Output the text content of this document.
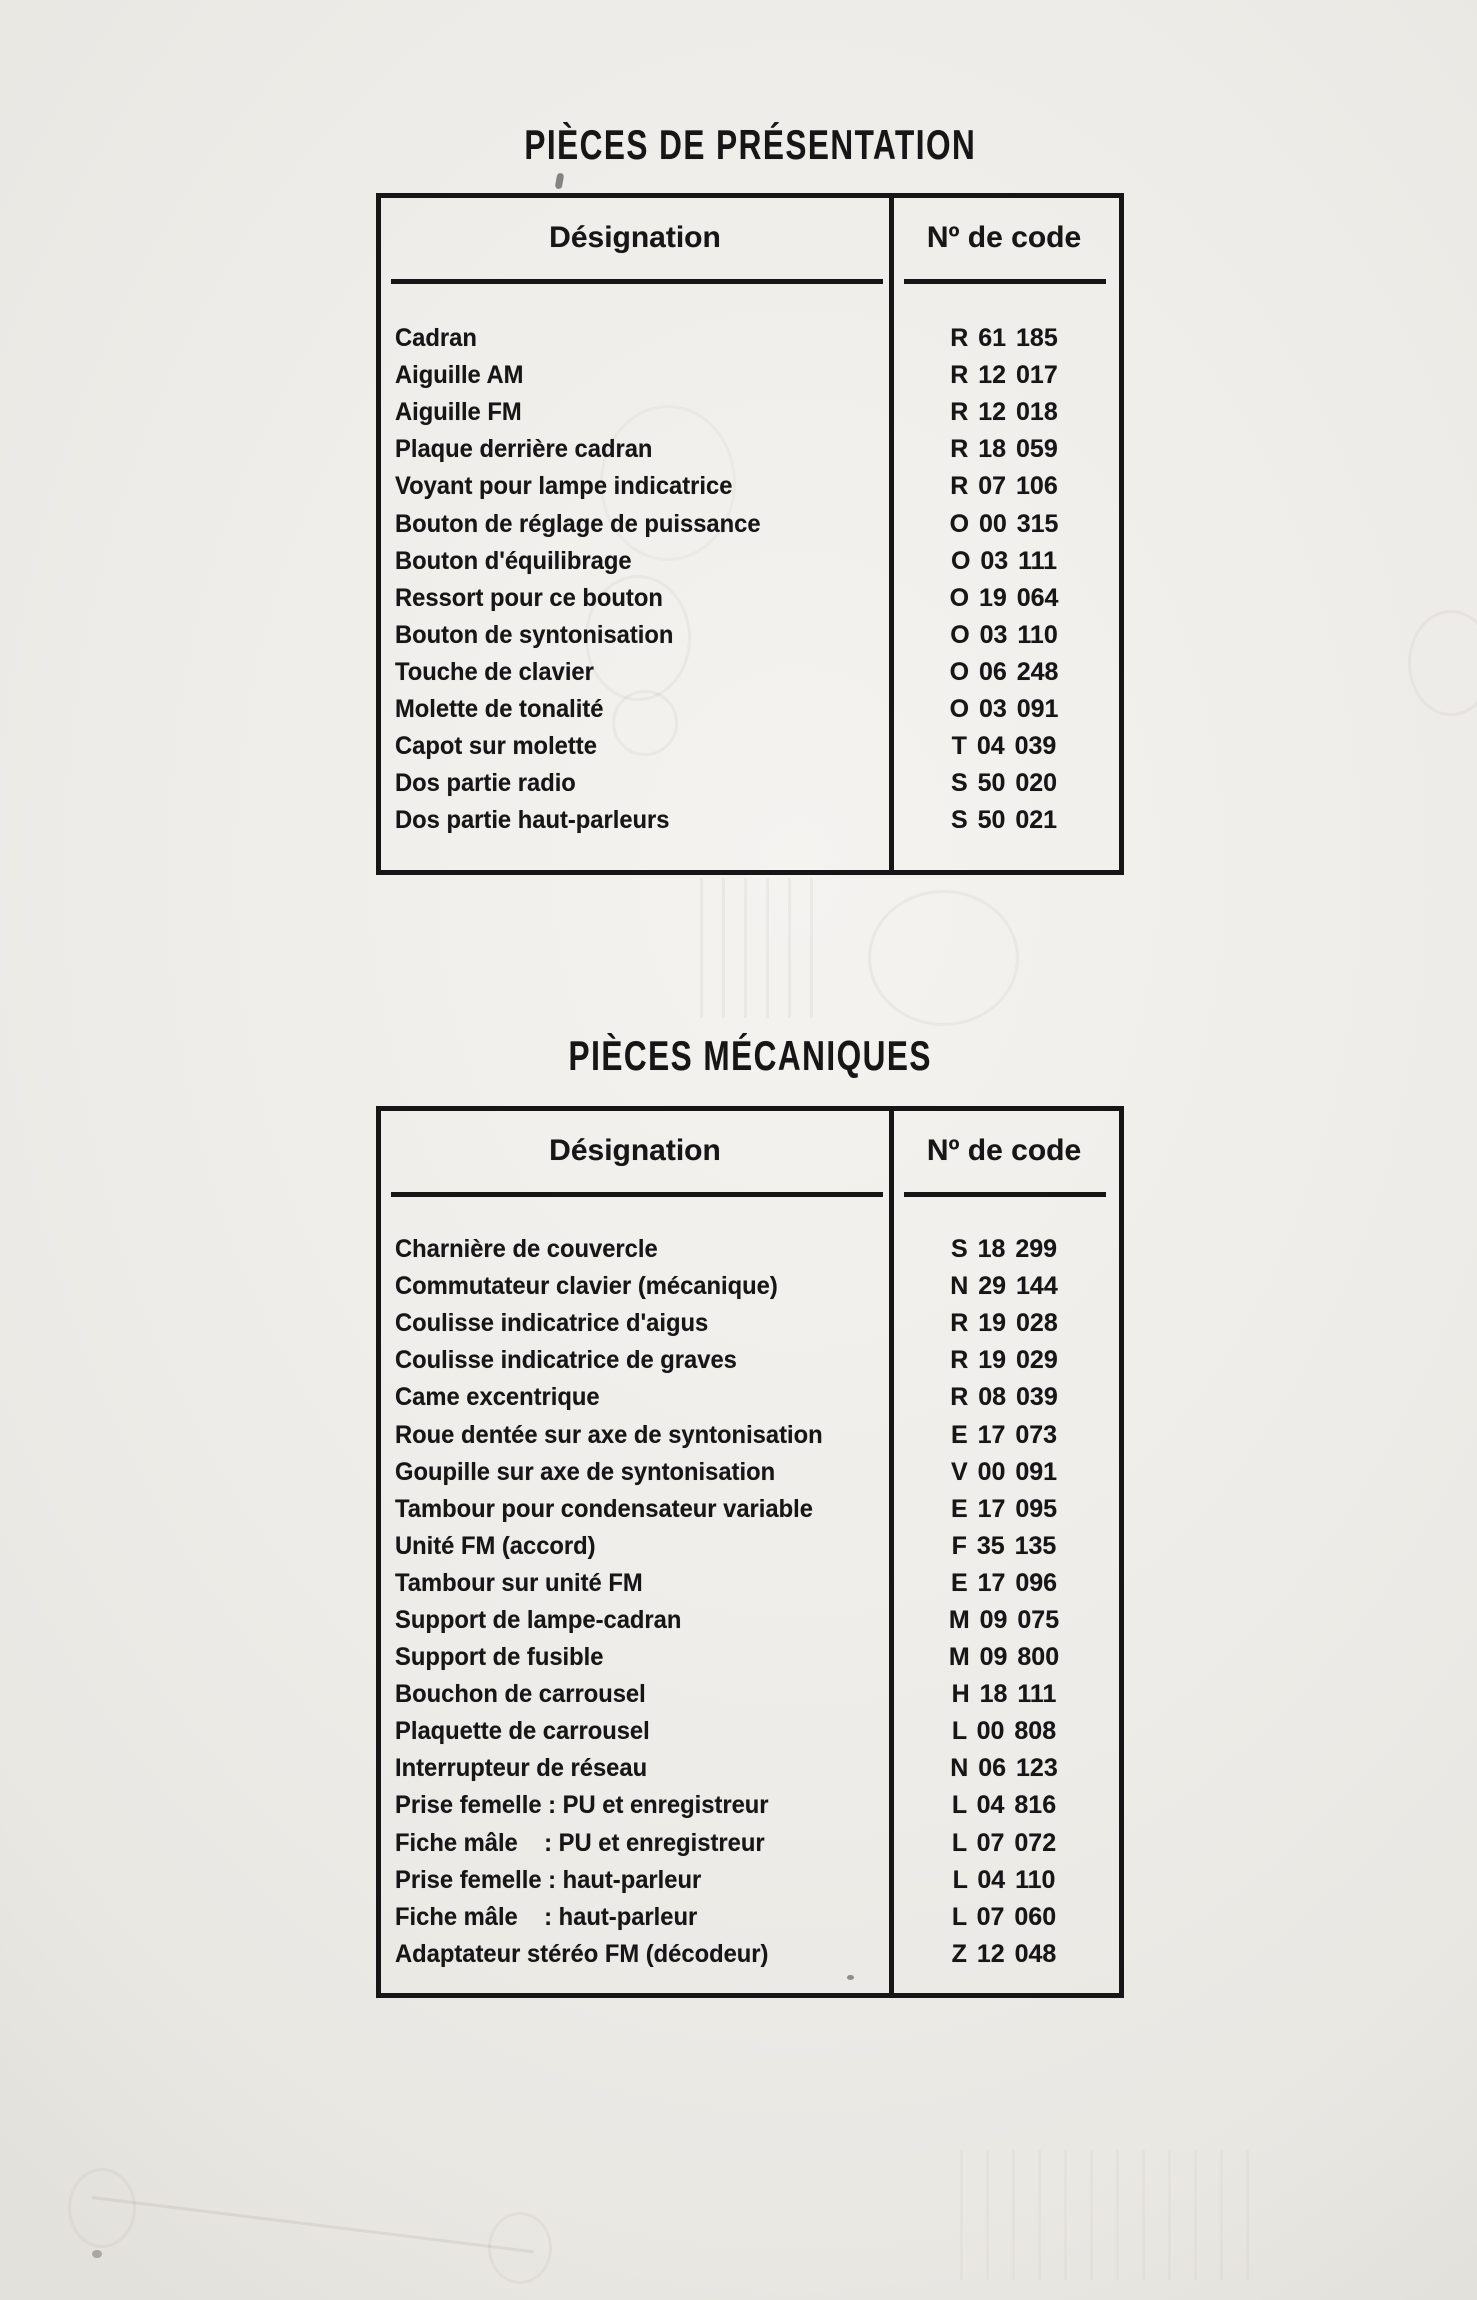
PIÈCES DE PRÉSENTATION
Désignation	Nº de code
Cadran	R 61 185
Aiguille AM	R 12 017
Aiguille FM	R 12 018
Plaque derrière cadran	R 18 059
Voyant pour lampe indicatrice	R 07 106
Bouton de réglage de puissance	O 00 315
Bouton d'équilibrage	O 03 111
Ressort pour ce bouton	O 19 064
Bouton de syntonisation	O 03 110
Touche de clavier	O 06 248
Molette de tonalité	O 03 091
Capot sur molette	T 04 039
Dos partie radio	S 50 020
Dos partie haut-parleurs	S 50 021
PIÈCES MÉCANIQUES
Désignation	Nº de code
Charnière de couvercle	S 18 299
Commutateur clavier (mécanique)	N 29 144
Coulisse indicatrice d'aigus	R 19 028
Coulisse indicatrice de graves	R 19 029
Came excentrique	R 08 039
Roue dentée sur axe de syntonisation	E 17 073
Goupille sur axe de syntonisation	V 00 091
Tambour pour condensateur variable	E 17 095
Unité FM (accord)	F 35 135
Tambour sur unité FM	E 17 096
Support de lampe-cadran	M 09 075
Support de fusible	M 09 800
Bouchon de carrousel	H 18 111
Plaquette de carrousel	L 00 808
Interrupteur de réseau	N 06 123
Prise femelle : PU et enregistreur	L 04 816
Fiche mâle    : PU et enregistreur	L 07 072
Prise femelle : haut-parleur	L 04 110
Fiche mâle    : haut-parleur	L 07 060
Adaptateur stéréo FM (décodeur)	Z 12 048
